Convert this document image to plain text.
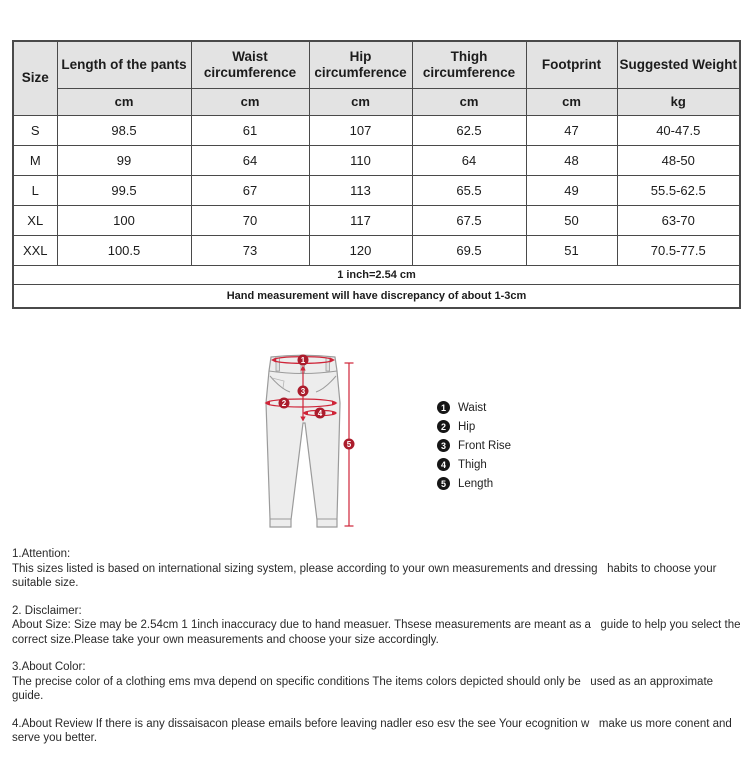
Size	Length of the pants	Waist circumference	Hip circumference	Thigh circumference	Footprint	Suggested Weight
	cm	cm	cm	cm	cm	kg
S	98.5	61	107	62.5	47	40-47.5
M	99	64	110	64	48	48-50
L	99.5	67	113	65.5	49	55.5-62.5
XL	100	70	117	67.5	50	63-70
XXL	100.5	73	120	69.5	51	70.5-77.5
1 inch=2.54 cm						
Hand measurement will have discrepancy of about 1-3cm						
1
2
3
4
5
1	Waist
2	Hip
3	Front Rise
4	Thigh
5	Length

1.Attention:

This sizes listed is based on international sizing system, please according to your own measurements and dressing   habits to choose your suitable size.

2. Disclaimer:

About Size: Size may be 2.54cm 1 1inch inaccuracy due to hand measuer. Thsese measurements are meant as a   guide to help you select the correct size.Please take your own measurements and choose your size accordingly.

3.About Color:

The precise color of a clothing ems mva depend on specific conditions The items colors depicted should only be   used as an approximate guide.

4.About Review If there is any dissaisacon please emails before leaving nadler eso esv the see Your ecognition w   make us more conent and serve you better.
